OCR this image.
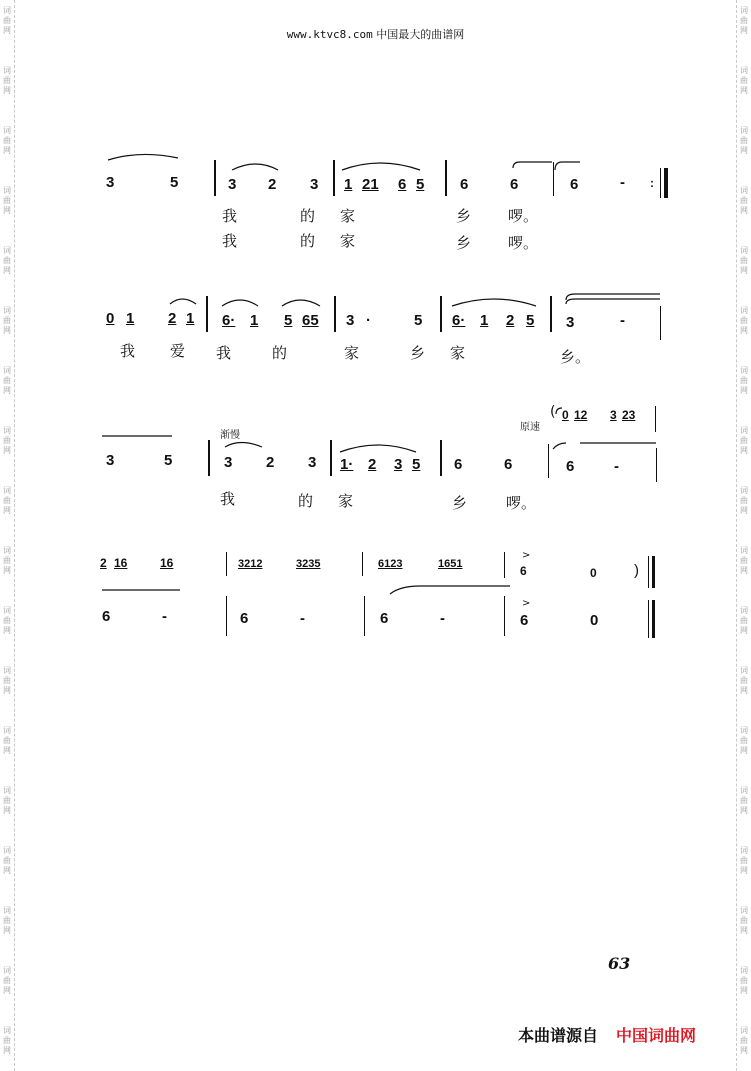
www.ktvc8.com 中国最大的曲谱网
3	5	3 2 3 1 21 6 5 6	6	6	- :
我	的 家	乡 啰。
我	的 家	乡 啰。
0 1 2 1 6· 1 5 65 3 ·	5 6· 1 2 5 3	-
我 爱 我	的	家	乡 家	乡。
渐慢
原速
( 0 12 3 23
3	5	3 2 3 1· 2 3 5 6	6	6	-
我	的 家	乡	啰。
2 16	16	3212	3235	6123	1651
>
6	0 )
6	-	6	-	6	-
>
6	0
63
本曲谱源自 中国词曲网
词
曲
网
词
曲
网
词
曲
网
词
曲
网
词
曲
网
词
曲
网
词
曲
网
词
曲
网
词
曲
网
词
曲
网
词
曲
网
词
曲
网
词
曲
网
词
曲
网
词
曲
网
词
曲
网
词
曲
网
词
曲
网
词
曲
网
词
曲
网
词
曲
网
词
曲
网
词
曲
网
词
曲
网
词
曲
网
词
曲
网
词
曲
网
词
曲
网
词
曲
网
词
曲
网
词
曲
网
词
曲
网
词
曲
网
词
曲
网
词
曲
网
词
曲
网
